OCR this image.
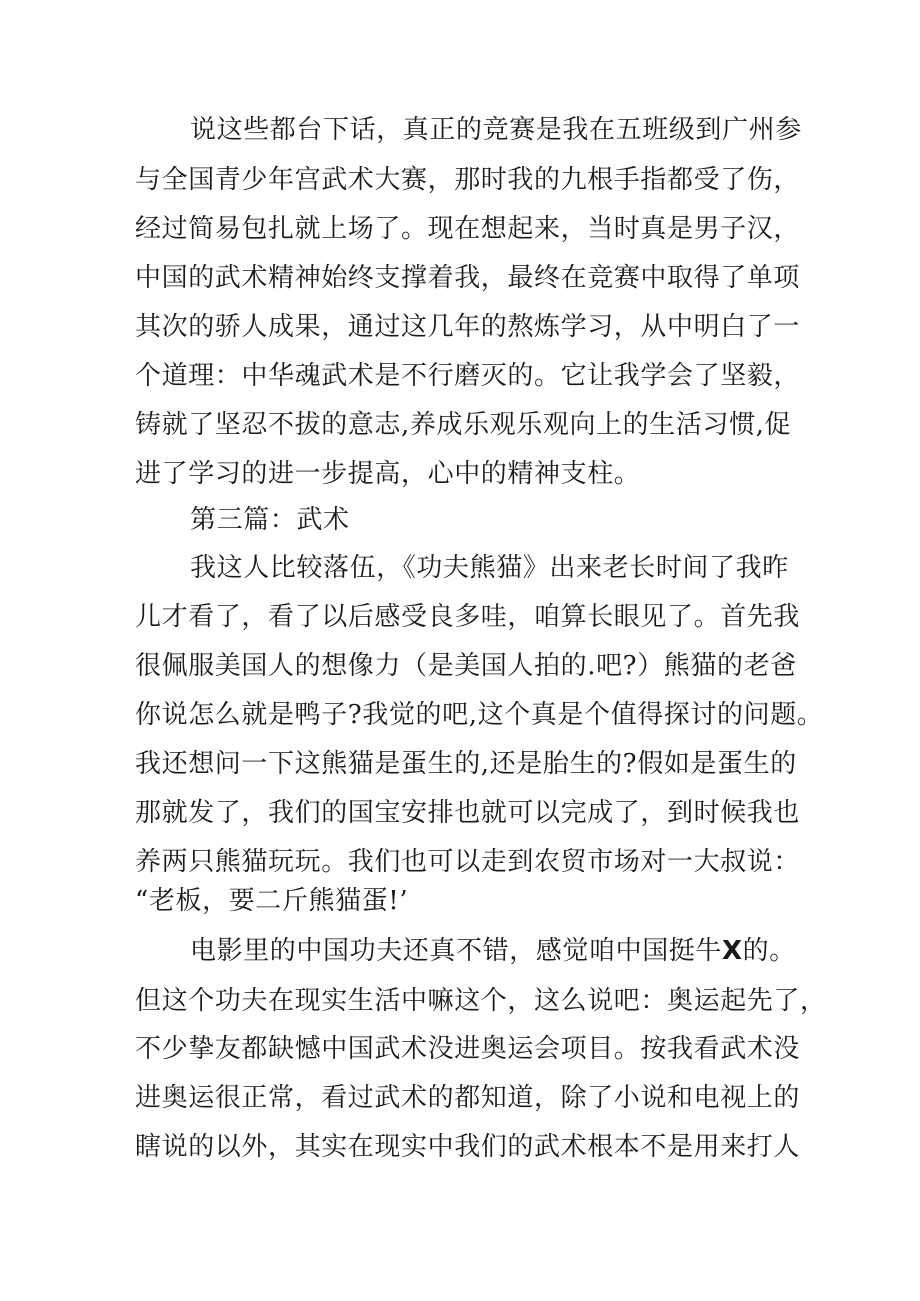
说这些都台下话，真正的竞赛是我在五班级到广州参
与全国青少年宫武术大赛，那时我的九根手指都受了伤，
经过简易包扎就上场了。现在想起来，当时真是男子汉，
中国的武术精神始终支撑着我，最终在竞赛中取得了单项
其次的骄人成果，通过这几年的熬炼学习，从中明白了一
个道理：中华魂武术是不行磨灭的。它让我学会了坚毅，
铸就了坚忍不拔的意志,养成乐观乐观向上的生活习惯,促
进了学习的进一步提高，心中的精神支柱。
第三篇：武术
我这人比较落伍，《功夫熊猫》出来老长时间了我昨
儿才看了，看了以后感受良多哇，咱算长眼见了。首先我
很佩服美国人的想像力（是美国人拍的.吧?）熊猫的老爸
你说怎么就是鸭子?我觉的吧,这个真是个值得探讨的问题。
我还想问一下这熊猫是蛋生的,还是胎生的?假如是蛋生的
那就发了，我们的国宝安排也就可以完成了，到时候我也
养两只熊猫玩玩。我们也可以走到农贸市场对一大叔说：
“老板，要二斤熊猫蛋!’
电影里的中国功夫还真不错，感觉咱中国挺牛X的。
但这个功夫在现实生活中嘛这个，这么说吧：奥运起先了，
不少挚友都缺憾中国武术没进奥运会项目。按我看武术没
进奥运很正常，看过武术的都知道，除了小说和电视上的
瞎说的以外，其实在现实中我们的武术根本不是用来打人
